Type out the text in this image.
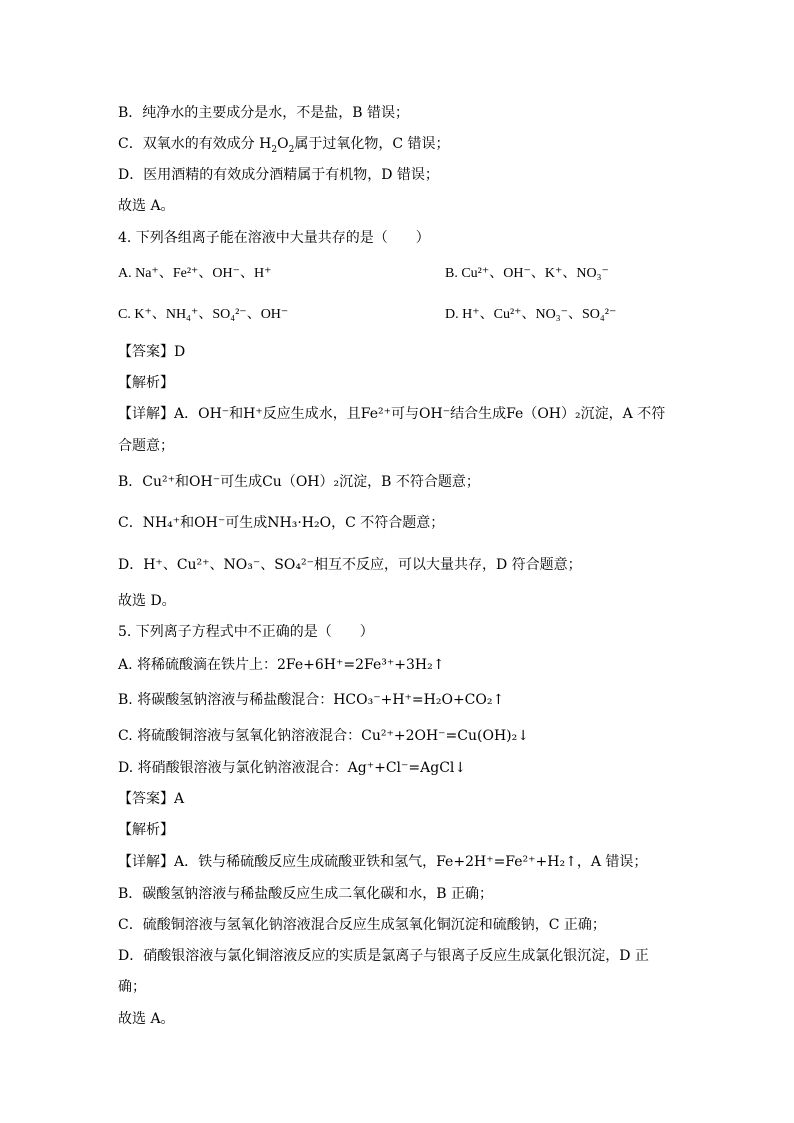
B．纯净水的主要成分是水，不是盐，B 错误；
C．双氧水的有效成分 $H_2O_2$属于过氧化物，C 错误；
D．医用酒精的有效成分酒精属于有机物，D 错误；
故选 A。
4. 下列各组离子能在溶液中大量共存的是（　　）
A. Na⁺、Fe²⁺、OH⁻、H⁺	B. Cu²⁺、OH⁻、K⁺、NO₃⁻
C. K⁺、NH₄⁺、SO₄²⁻、OH⁻	D. H⁺、Cu²⁺、NO₃⁻、SO₄²⁻
【答案】D
【解析】
【详解】A．OH⁻和H⁺反应生成水，且Fe²⁺可与OH⁻结合生成Fe（OH）₂沉淀，A 不符
合题意；
B．Cu²⁺和OH⁻可生成Cu（OH）₂沉淀，B 不符合题意；
C．NH₄⁺和OH⁻可生成NH₃·H₂O，C 不符合题意；
D．H⁺、Cu²⁺、NO₃⁻、SO₄²⁻相互不反应，可以大量共存，D 符合题意；
故选 D。
5. 下列离子方程式中不正确的是（　　）
A. 将稀硫酸滴在铁片上：2Fe+6H⁺=2Fe³⁺+3H₂↑
B. 将碳酸氢钠溶液与稀盐酸混合：HCO₃⁻+H⁺=H₂O+CO₂↑
C. 将硫酸铜溶液与氢氧化钠溶液混合：Cu²⁺+2OH⁻=Cu(OH)₂↓
D. 将硝酸银溶液与氯化钠溶液混合：Ag⁺+Cl⁻=AgCl↓
【答案】A
【解析】
【详解】A．铁与稀硫酸反应生成硫酸亚铁和氢气，Fe+2H⁺=Fe²⁺+H₂↑，A 错误；
B．碳酸氢钠溶液与稀盐酸反应生成二氧化碳和水，B 正确；
C．硫酸铜溶液与氢氧化钠溶液混合反应生成氢氧化铜沉淀和硫酸钠，C 正确；
D．硝酸银溶液与氯化铜溶液反应的实质是氯离子与银离子反应生成氯化银沉淀，D 正
确；
故选 A。
